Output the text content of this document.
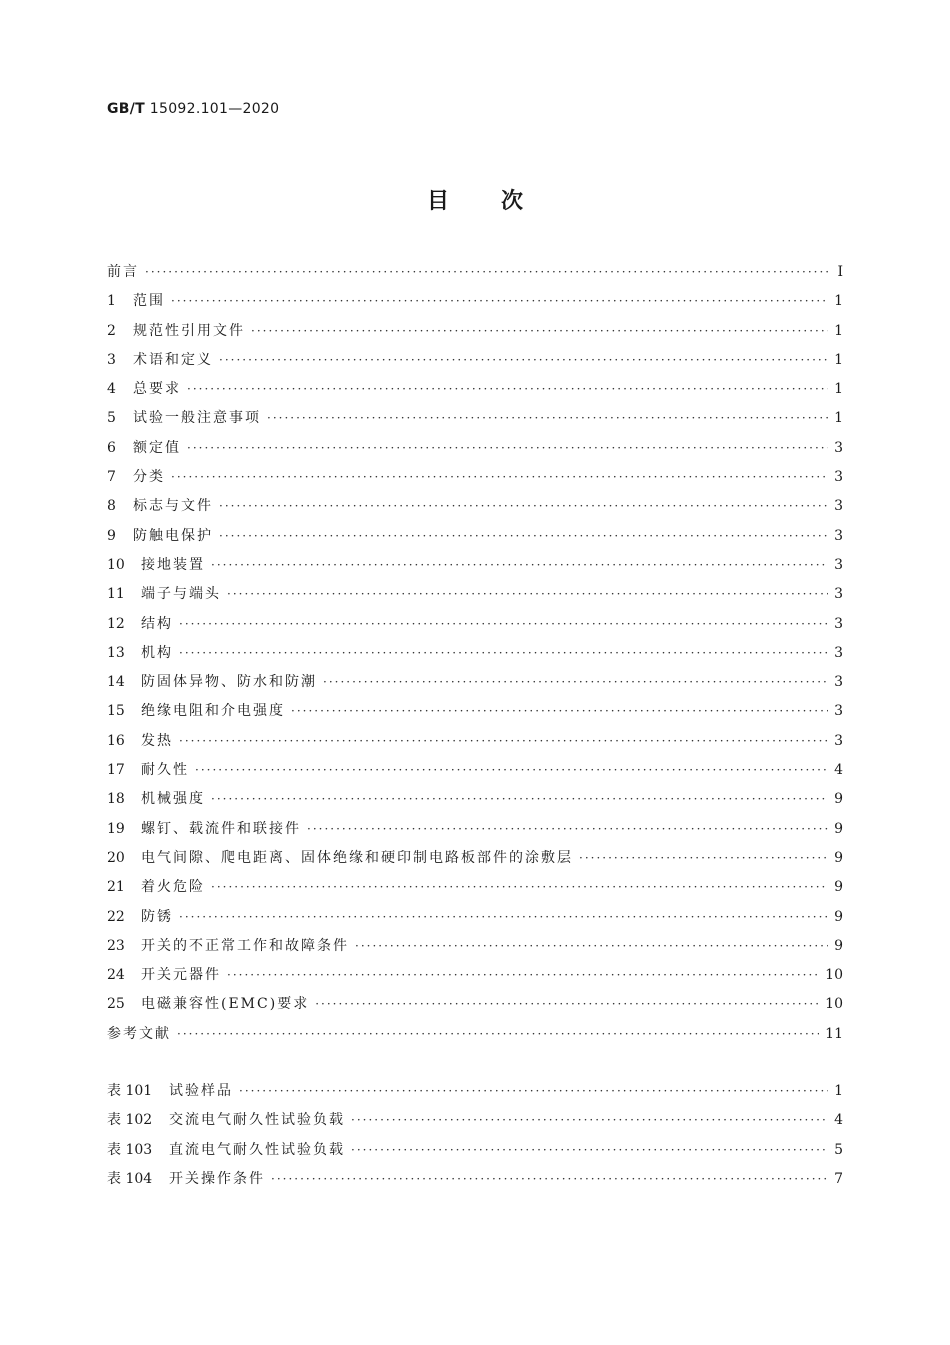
GB/T 15092.101—2020
目 次
前言 ·····	Ⅰ
1	范围 ·····	1
2	规范性引用文件 ·····	1
3	术语和定义 ·····	1
4	总要求 ·····	1
5	试验一般注意事项 ·····	1
6	额定值 ·····	3
7	分类 ·····	3
8	标志与文件 ·····	3
9	防触电保护 ·····	3
10	接地装置 ·····	3
11	端子与端头 ·····	3
12	结构 ·····	3
13	机构 ·····	3
14	防固体异物、防水和防潮 ·····	3
15	绝缘电阻和介电强度 ·····	3
16	发热 ·····	3
17	耐久性 ·····	4
18	机械强度 ·····	9
19	螺钉、载流件和联接件 ·····	9
20	电气间隙、爬电距离、固体绝缘和硬印制电路板部件的涂敷层 ·····	9
21	着火危险 ·····	9
22	防锈 ·····	9
23	开关的不正常工作和故障条件 ·····	9
24	开关元器件 ·····	10
25	电磁兼容性(EMC)要求 ·····	10
参考文献 ·····	11
表 101	试验样品 ·····	1
表 102	交流电气耐久性试验负载 ·····	4
表 103	直流电气耐久性试验负载 ·····	5
表 104	开关操作条件 ·····	7
